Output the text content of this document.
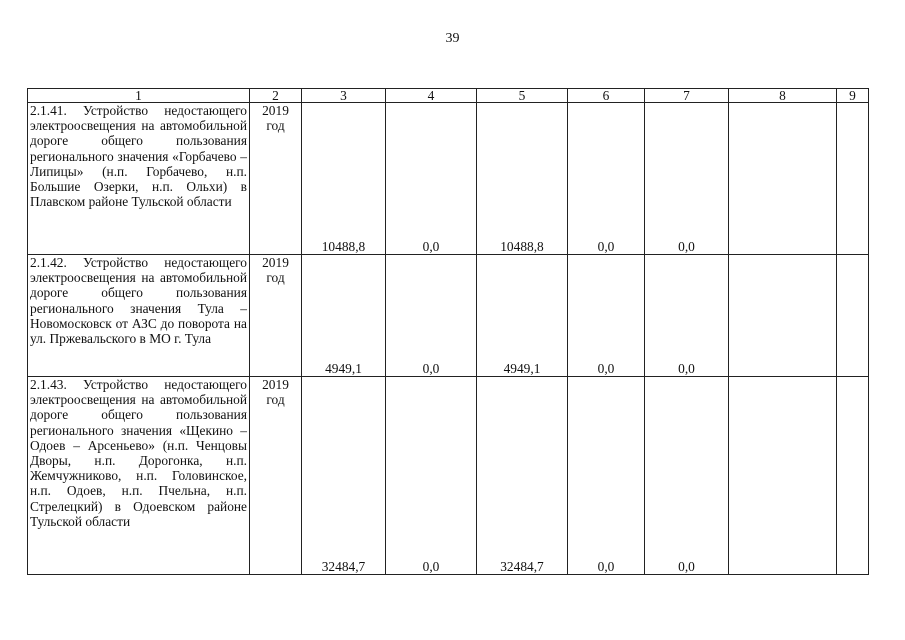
39
1	2	3	4	5	6	7	8	9
2.1.41. Устройство недостающего электроосвещения на автомобильной дороге общего пользования регионального значения «Горбачево – Липицы» (н.п. Горбачево, н.п. Большие Озерки, н.п. Ольхи) в Плавском районе Тульской области	2019 год	10488,8	0,0	10488,8	0,0	0,0		
2.1.42. Устройство недостающего электроосвещения на автомобильной дороге общего пользования регионального значения Тула – Новомосковск от АЗС до поворота на ул. Пржевальского в МО г. Тула	2019 год	4949,1	0,0	4949,1	0,0	0,0		
2.1.43. Устройство недостающего электроосвещения на автомобильной дороге общего пользования регионального значения «Щекино – Одоев – Арсеньево» (н.п. Ченцовы Дворы, н.п. Дорогонка, н.п. Жемчужниково, н.п. Головинское, н.п. Одоев, н.п. Пчельна, н.п. Стрелецкий) в Одоевском районе Тульской области	2019 год	32484,7	0,0	32484,7	0,0	0,0		
